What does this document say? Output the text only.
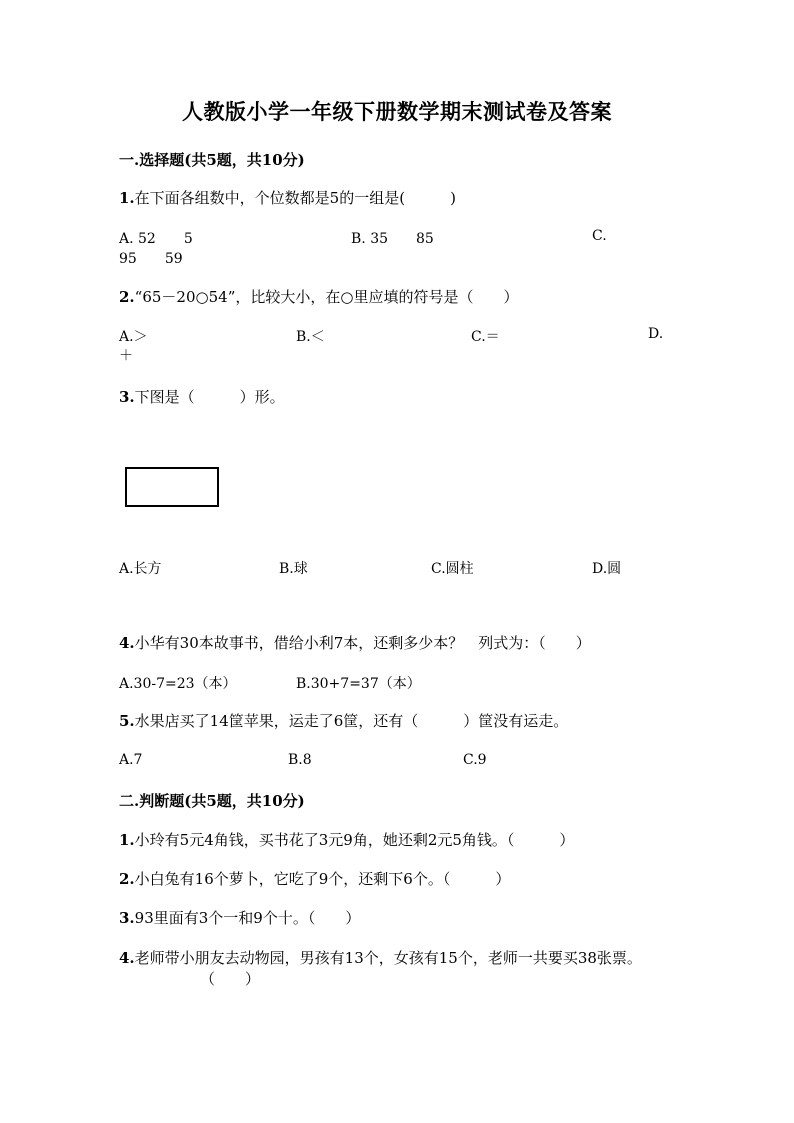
人教版小学一年级下册数学期末测试卷及答案
一.选择题(共5题，共10分)
1.在下面各组数中，个位数都是5的一组是(　　　)
A. 52　　5	B. 35　　85	C.
95　　59
2.“65－20○54”，比较大小，在○里应填的符号是（　　）
A.＞	B.＜	C.＝	D.
＋
3.下图是（　　　）形。
A.长方	B.球	C.圆柱	D.圆
4.小华有30本故事书，借给小利7本，还剩多少本？　列式为：（　　）
A.30-7=23（本）	B.30+7=37（本）
5.水果店买了14筐苹果，运走了6筐，还有（　　　）筐没有运走。
A.7	B.8	C.9
二.判断题(共5题，共10分)
1.小玲有5元4角钱，买书花了3元9角，她还剩2元5角钱。（　　　）
2.小白兔有16个萝卜，它吃了9个，还剩下6个。（　　　）
3.93里面有3个一和9个十。（　　）
4.老师带小朋友去动物园，男孩有13个，女孩有15个，老师一共要买38张票。
（　　）
